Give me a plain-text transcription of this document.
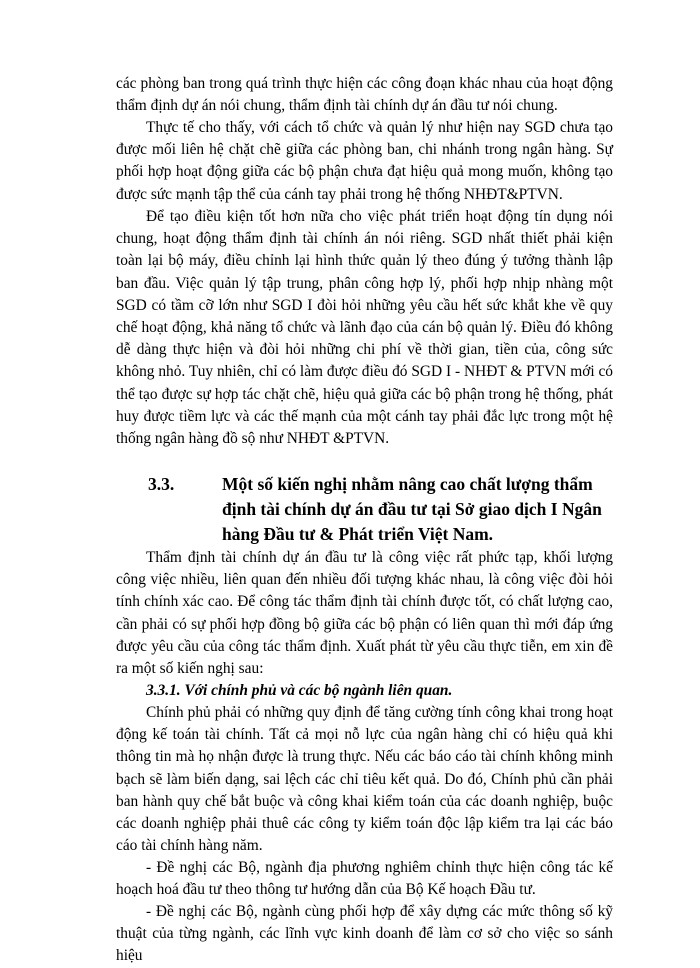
các phòng ban trong quá trình thực hiện các công đoạn khác nhau của hoạt động thẩm định dự án nói chung, thẩm định tài chính dự án đầu tư nói chung.

Thực tế cho thấy, với cách tổ chức và quản lý như hiện nay SGD chưa tạo được mối liên hệ chặt chẽ giữa các phòng ban, chi nhánh trong ngân hàng. Sự phối hợp hoạt động giữa các bộ phận chưa đạt hiệu quả mong muốn, không tạo được sức mạnh tập thể của cánh tay phải trong hệ thống NHĐT&PTVN.

Để tạo điều kiện tốt hơn nữa cho việc phát triển hoạt động tín dụng nói chung, hoạt động thẩm định tài chính án nói riêng. SGD nhất thiết phải kiện toàn lại bộ máy, điều chỉnh lại hình thức quản lý theo đúng ý tưởng thành lập ban đầu. Việc quản lý tập trung, phân công hợp lý, phối hợp nhịp nhàng một SGD có tầm cỡ lớn như SGD I đòi hỏi những yêu cầu hết sức khắt khe về quy chế hoạt động, khả năng tổ chức và lãnh đạo của cán bộ quản lý. Điều đó không dễ dàng thực hiện và đòi hỏi những chi phí về thời gian, tiền của, công sức không nhỏ. Tuy nhiên, chỉ có làm được điều đó SGD I - NHĐT & PTVN mới có thể tạo được sự hợp tác chặt chẽ, hiệu quả giữa các bộ phận trong hệ thống, phát huy được tiềm lực và các thế mạnh của một cánh tay phải đắc lực trong một hệ thống ngân hàng đồ sộ như NHĐT &PTVN.

3.3.	Một số kiến nghị nhằm nâng cao chất lượng thẩm định tài chính dự án đầu tư tại Sở giao dịch I Ngân hàng Đầu tư & Phát triển Việt Nam.

Thẩm định tài chính dự án đầu tư là công việc rất phức tạp, khối lượng công việc nhiều, liên quan đến nhiều đối tượng khác nhau, là công việc đòi hỏi tính chính xác cao. Để công tác thẩm định tài chính được tốt, có chất lượng cao, cần phải có sự phối hợp đồng bộ giữa các bộ phận có liên quan thì mới đáp ứng được yêu cầu của công tác thẩm định. Xuất phát từ yêu cầu thực tiễn, em xin đề ra một số kiến nghị sau:

3.3.1. Với chính phủ và các bộ ngành liên quan.

Chính phủ phải có những quy định để tăng cường tính công khai trong hoạt động kế toán tài chính. Tất cả mọi nỗ lực của ngân hàng chỉ có hiệu quả khi thông tin mà họ nhận được là trung thực. Nếu các báo cáo tài chính không minh bạch sẽ làm biến dạng, sai lệch các chỉ tiêu kết quả. Do đó, Chính phủ cần phải ban hành quy chế bắt buộc và công khai kiểm toán của các doanh nghiệp, buộc các doanh nghiệp phải thuê các công ty kiểm toán độc lập kiểm tra lại các báo cáo tài chính hàng năm.

- Đề nghị các Bộ, ngành địa phương nghiêm chỉnh thực hiện công tác kế hoạch hoá đầu tư theo thông tư hướng dẫn của Bộ Kế hoạch Đầu tư.

- Đề nghị các Bộ, ngành cùng phối hợp để xây dựng các mức thông số kỹ thuật của từng ngành, các lĩnh vực kinh doanh để làm cơ sở cho việc so sánh hiệu
